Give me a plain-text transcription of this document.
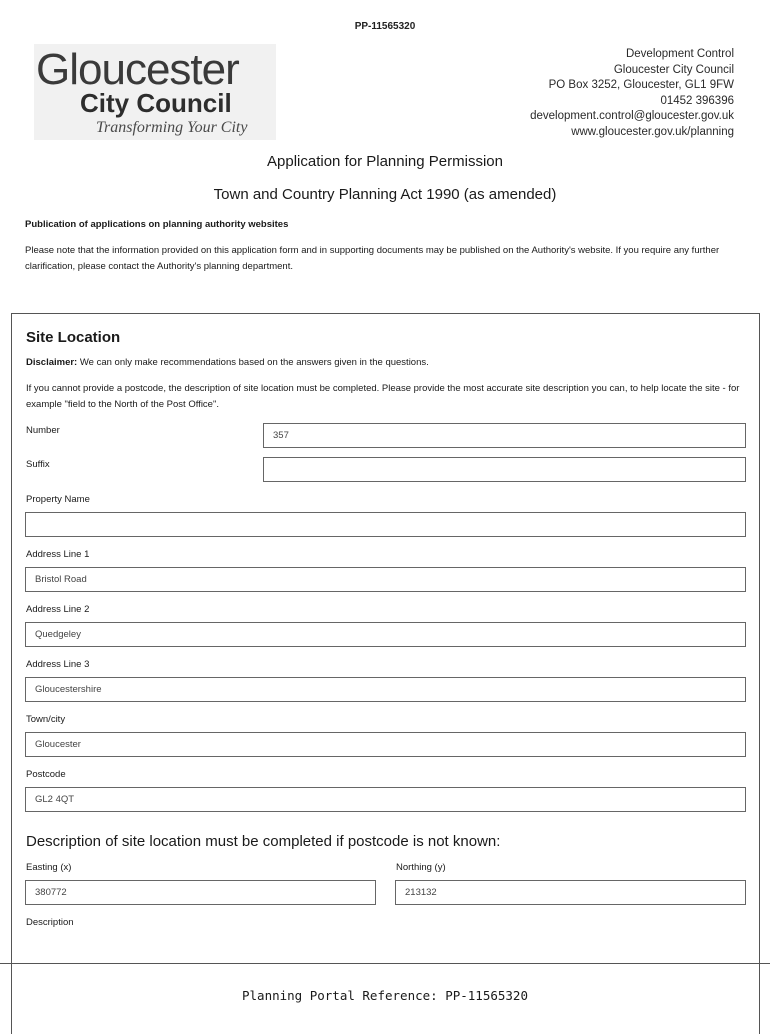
PP-11565320
Gloucester
City Council
Transforming Your City
Development Control
Gloucester City Council
PO Box 3252, Gloucester, GL1 9FW
01452 396396
development.control@gloucester.gov.uk
www.gloucester.gov.uk/planning
Application for Planning Permission
Town and Country Planning Act 1990 (as amended)
Publication of applications on planning authority websites
Please note that the information provided on this application form and in supporting documents may be published on the Authority's website. If you require any further clarification, please contact the Authority's planning department.
Site Location
Disclaimer: We can only make recommendations based on the answers given in the questions.
If you cannot provide a postcode, the description of site location must be completed. Please provide the most accurate site description you can, to help locate the site - for example "field to the North of the Post Office".
Number	357
Suffix
Property Name
Address Line 1
Bristol Road
Address Line 2
Quedgeley
Address Line 3
Gloucestershire
Town/city
Gloucester
Postcode
GL2 4QT
Description of site location must be completed if postcode is not known:
Easting (x)
380772
Northing (y)
213132
Description
Planning Portal Reference: PP-11565320
